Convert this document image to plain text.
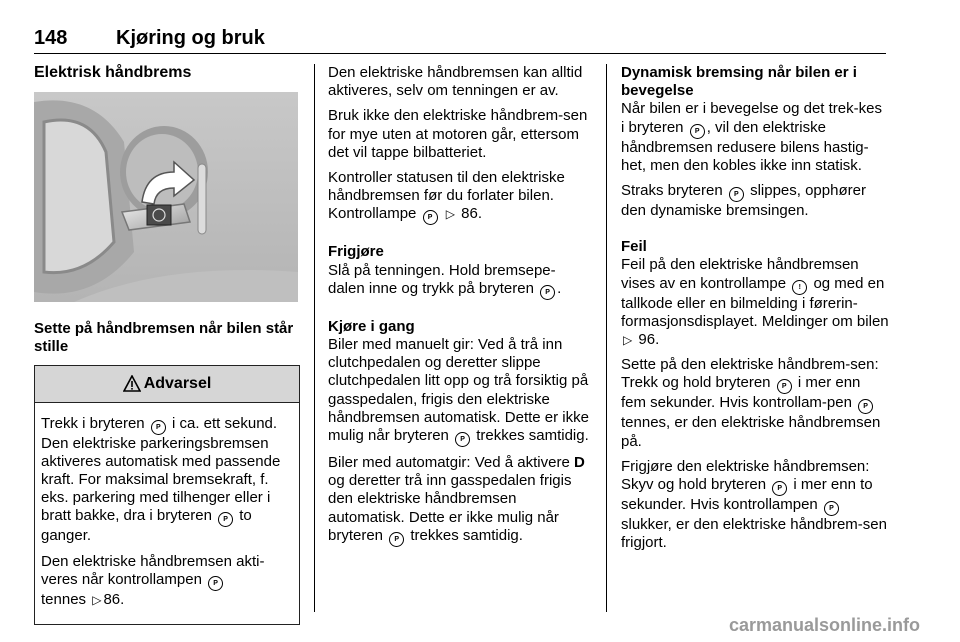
148 Kjøring og bruk
Elektrisk håndbrems
Sette på håndbremsen når bilen står stille
Advarsel

Trekk i bryteren P i ca. ett sekund. Den elektriske parkeringsbremsen aktiveres automatisk med passende kraft. For maksimal bremsekraft, f. eks. parkering med tilhenger eller i bratt bakke, dra i bryteren P to ganger.

Den elektriske håndbremsen akti-veres når kontrollampen P
tennes ▷ 86.

Den elektriske håndbremsen kan alltid aktiveres, selv om tenningen er av.

Bruk ikke den elektriske håndbrem-sen for mye uten at motoren går, ettersom det vil tappe bilbatteriet.

Kontroller statusen til den elektriske håndbremsen før du forlater bilen. Kontrollampe P ▷ 86.

Frigjøre

Slå på tenningen. Hold bremsepe-dalen inne og trykk på bryteren P .

Kjøre i gang

Biler med manuelt gir: Ved å trå inn clutchpedalen og deretter slippe clutchpedalen litt opp og trå forsiktig på gasspedalen, frigis den elektriske håndbremsen automatisk. Dette er ikke mulig når bryteren P trekkes samtidig.

Biler med automatgir: Ved å aktivere D og deretter trå inn gasspedalen frigis den elektriske håndbremsen automatisk. Dette er ikke mulig når bryteren P trekkes samtidig.

Dynamisk bremsing når bilen er i bevegelse

Når bilen er i bevegelse og det trek-kes i bryteren P , vil den elektriske håndbremsen redusere bilens hastig-het, men den kobles ikke inn statisk.

Straks bryteren P slippes, opphører den dynamiske bremsingen.

Feil

Feil på den elektriske håndbremsen vises av en kontrollampe ! og med en tallkode eller en bilmelding i førerin-formasjonsdisplayet. Meldinger om bilen ▷ 96.

Sette på den elektriske håndbrem-sen: Trekk og hold bryteren P i mer enn fem sekunder. Hvis kontrollam-pen P tennes, er den elektriske håndbremsen på.

Frigjøre den elektriske håndbremsen: Skyv og hold bryteren P i mer enn to sekunder. Hvis kontrollampen P slukker, er den elektriske håndbrem-sen frigjort.

carmanualsonline.info
